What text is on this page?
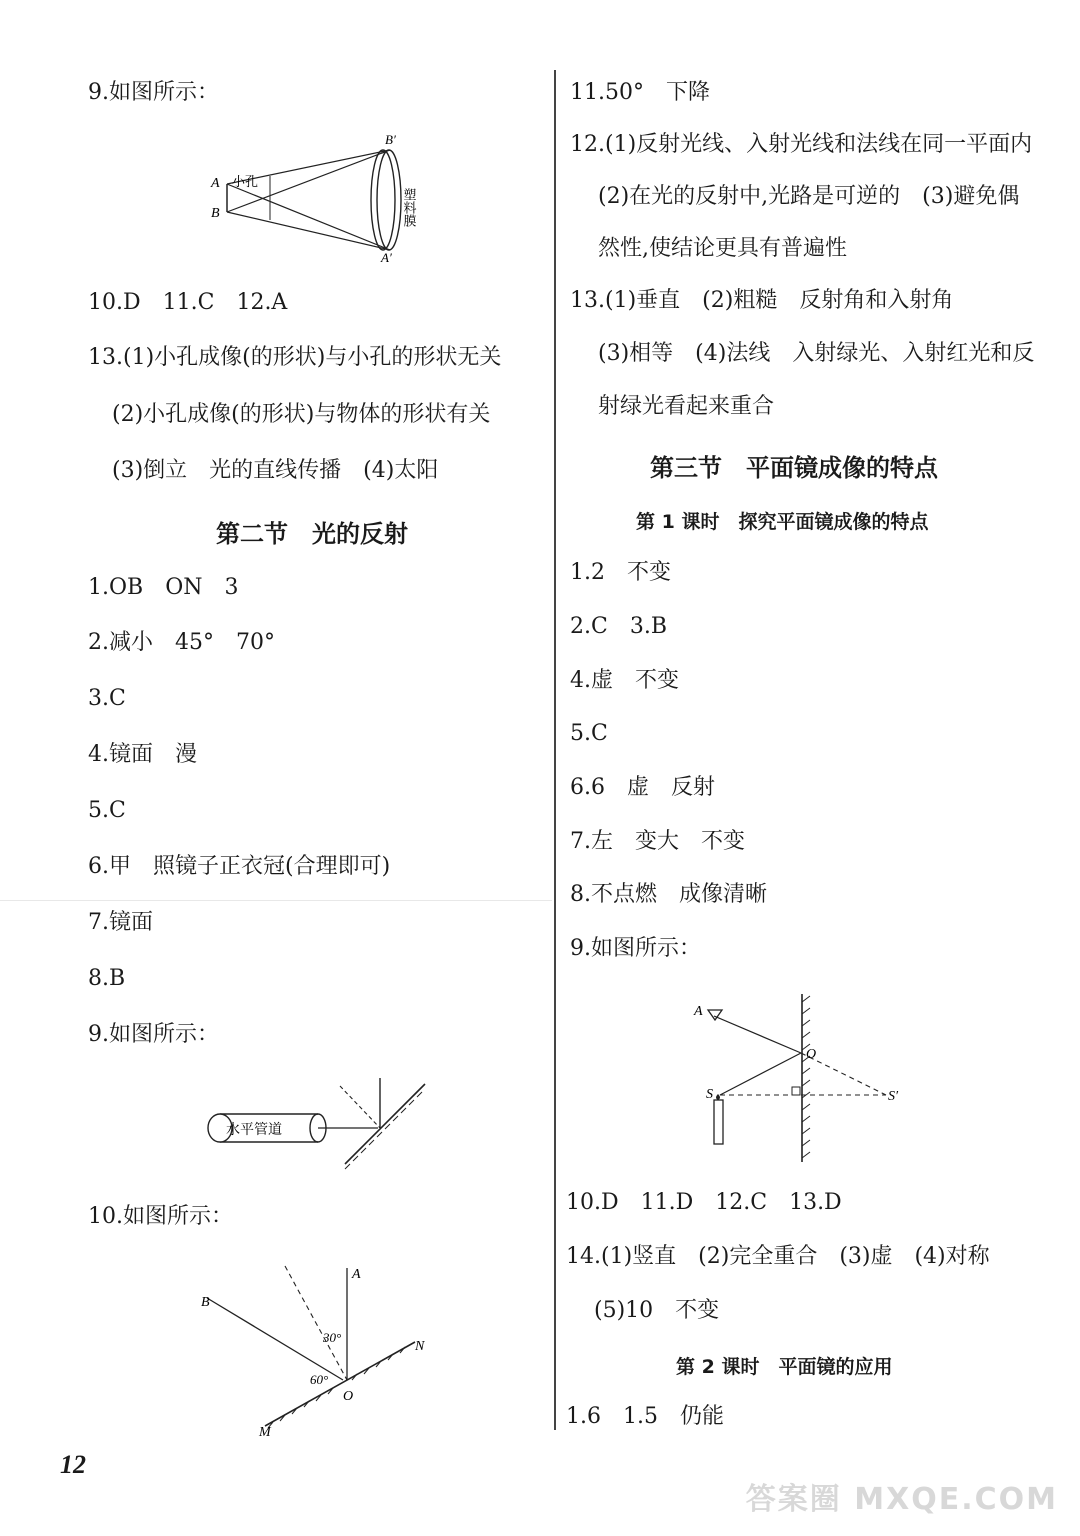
9.如图所示：
A
B
小孔
B′
A′
塑料膜
10.D　11.C　12.A
13.(1)小孔成像(的形状)与小孔的形状无关
(2)小孔成像(的形状)与物体的形状有关
(3)倒立　光的直线传播　(4)太阳
第二节　光的反射
1.OB　ON　3
2.减小　45°　70°
3.C
4.镜面　漫
5.C
6.甲　照镜子正衣冠(合理即可)
7.镜面
8.B
9.如图所示：
水平管道
10.如图所示：
B
A
N
M
O
30°
60°
12
11.50°　下降
12.(1)反射光线、入射光线和法线在同一平面内
(2)在光的反射中,光路是可逆的　(3)避免偶
然性,使结论更具有普遍性
13.(1)垂直　(2)粗糙　反射角和入射角
(3)相等　(4)法线　入射绿光、入射红光和反
射绿光看起来重合
第三节　平面镜成像的特点
第 1 课时　探究平面镜成像的特点
1.2　不变
2.C　3.B
4.虚　不变
5.C
6.6　虚　反射
7.左　变大　不变
8.不点燃　成像清晰
9.如图所示：
A
O
S	S′
10.D　11.D　12.C　13.D
14.(1)竖直　(2)完全重合　(3)虚　(4)对称
(5)10　不变
第 2 课时　平面镜的应用
1.6　1.5　仍能
答案圈 MXQE.COM
